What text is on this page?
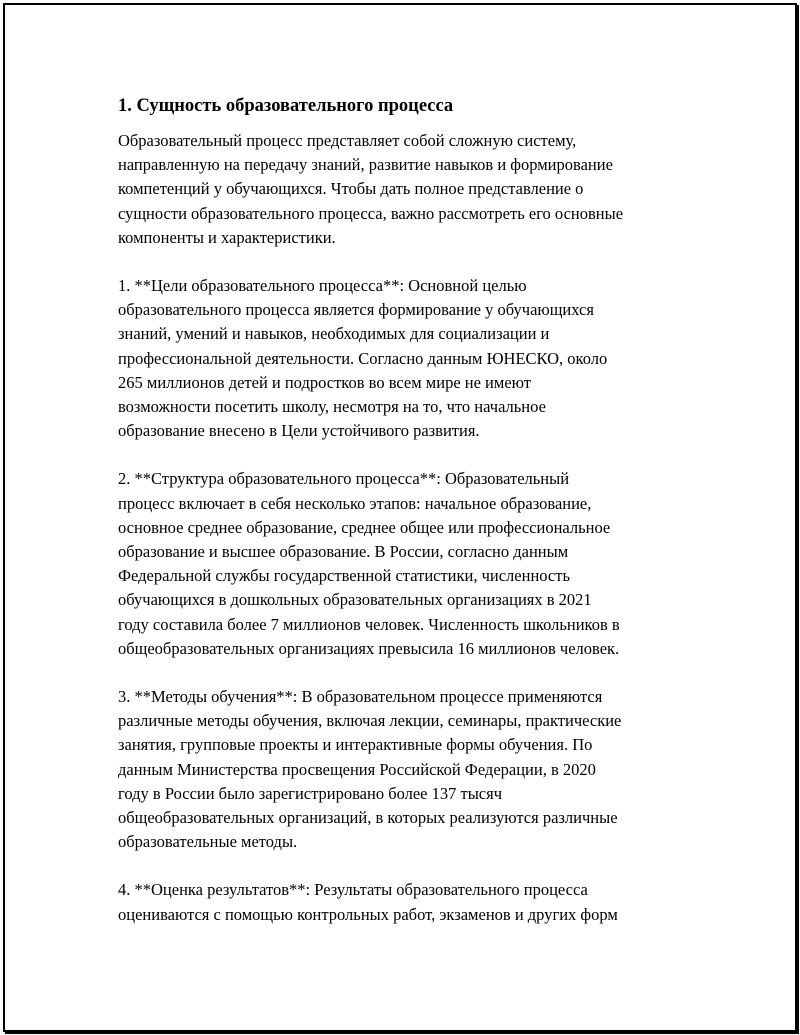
1. Сущность образовательного процесса

Образовательный процесс представляет собой сложную систему,
направленную на передачу знаний, развитие навыков и формирование
компетенций у обучающихся. Чтобы дать полное представление о
сущности образовательного процесса, важно рассмотреть его основные
компоненты и характеристики.

1. **Цели образовательного процесса**: Основной целью
образовательного процесса является формирование у обучающихся
знаний, умений и навыков, необходимых для социализации и
профессиональной деятельности. Согласно данным ЮНЕСКО, около
265 миллионов детей и подростков во всем мире не имеют
возможности посетить школу, несмотря на то, что начальное
образование внесено в Цели устойчивого развития.

2. **Структура образовательного процесса**: Образовательный
процесс включает в себя несколько этапов: начальное образование,
основное среднее образование, среднее общее или профессиональное
образование и высшее образование. В России, согласно данным
Федеральной службы государственной статистики, численность
обучающихся в дошкольных образовательных организациях в 2021
году составила более 7 миллионов человек. Численность школьников в
общеобразовательных организациях превысила 16 миллионов человек.

3. **Методы обучения**: В образовательном процессе применяются
различные методы обучения, включая лекции, семинары, практические
занятия, групповые проекты и интерактивные формы обучения. По
данным Министерства просвещения Российской Федерации, в 2020
году в России было зарегистрировано более 137 тысяч
общеобразовательных организаций, в которых реализуются различные
образовательные методы.

4. **Оценка результатов**: Результаты образовательного процесса
оцениваются с помощью контрольных работ, экзаменов и других форм
